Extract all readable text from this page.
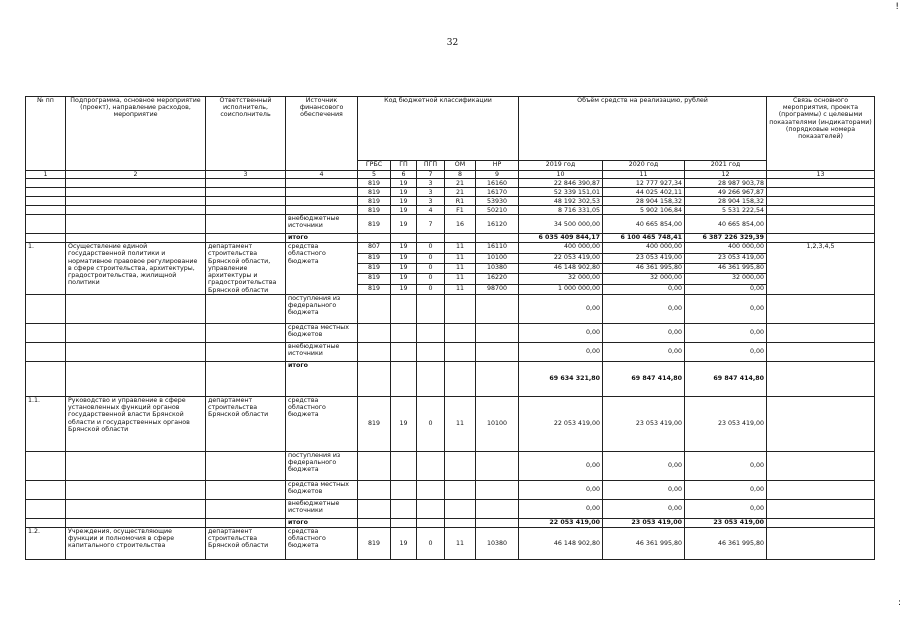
32
!
:
№ пп	Подпрограмма, основное мероприятие (проект), направление расходов, мероприятие	Ответственный исполнитель, соисполнитель	Источник финансового обеспечения	Код бюджетной классификации					Объём средств на реализацию, рублей			Связь основного мероприятия, проекта (программы) с целевыми показателями (индикаторами) (порядковые номера показателей)
				ГРБС	ГП	ПГП	ОМ	НР	2019 год	2020 год	2021 год	
1	2	3	4	5	6	7	8	9	10	11	12	13
				819	19	3	21	16160	22 846 390,87	12 777 927,34	28 987 903,78	
				819	19	3	21	16170	52 339 151,01	44 025 402,11	49 266 967,87	
				819	19	3	R1	53930	48 192 302,53	28 904 158,32	28 904 158,32	
				819	19	4	F1	50210	8 716 331,05	5 902 106,84	5 531 222,54	
			внебюджетные источники	819	19	7	16	16120	34 500 000,00	40 665 854,00	40 665 854,00	
			итого						6 035 409 844,17	6 100 465 748,41	6 387 226 329,39	
1.	Осуществление единой государственной политики и нормативное правовое регулирование в сфере строительства, архитектуры, градостроительства, жилищной политики	департамент строительства Брянской области, управление архитектуры и градостроительства Брянской области	средства областного бюджета	807	19	0	11	16110	400 000,00	400 000,00	400 000,00	1,2,3,4,5
				819	19	0	11	10100	22 053 419,00	23 053 419,00	23 053 419,00	
				819	19	0	11	10380	46 148 902,80	46 361 995,80	46 361 995,80	
				819	19	0	11	16220	32 000,00	32 000,00	32 000,00	
				819	19	0	11	98700	1 000 000,00	0,00	0,00	
			поступления из федерального бюджета						0,00	0,00	0,00	
			средства местных бюджетов						0,00	0,00	0,00	
			внебюджетные источники						0,00	0,00	0,00	
			итого						69 634 321,80	69 847 414,80	69 847 414,80	
1.1.	Руководство и управление в сфере установленных функций органов государственной власти Брянской области и государственных органов Брянской области	департамент строительства Брянской области	средства областного бюджета	819	19	0	11	10100	22 053 419,00	23 053 419,00	23 053 419,00	
			поступления из федерального бюджета						0,00	0,00	0,00	
			средства местных бюджетов						0,00	0,00	0,00	
			внебюджетные источники						0,00	0,00	0,00	
			итого						22 053 419,00	23 053 419,00	23 053 419,00	
1.2.	Учреждения, осуществляющие функции и полномочия в сфере капитального строительства	департамент строительства Брянской области	средства областного бюджета	819	19	0	11	10380	46 148 902,80	46 361 995,80	46 361 995,80	
